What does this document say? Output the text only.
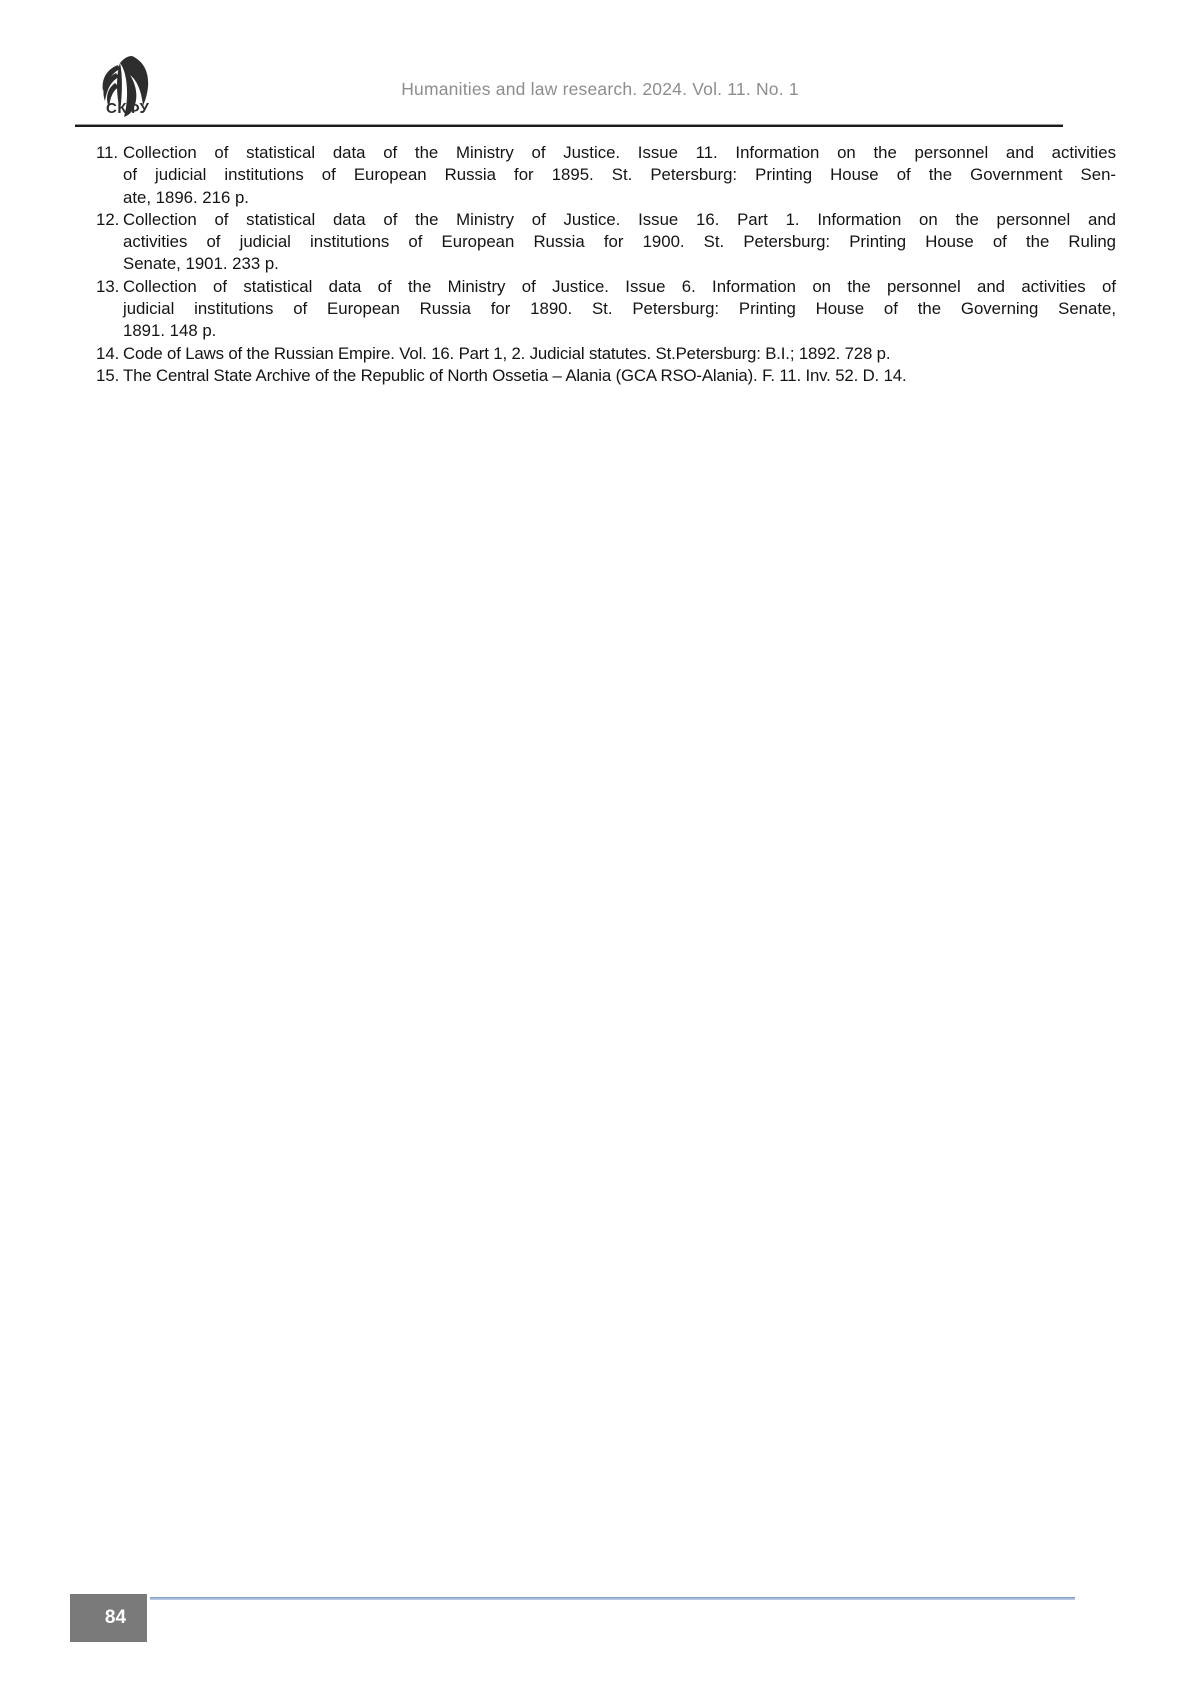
СКФУ
Humanities and law research. 2024. Vol. 11. No. 1
11. Collection of statistical data of the Ministry of Justice. Issue 11. Information on the personnel and activities
of judicial institutions of European Russia for 1895. St. Petersburg: Printing House of the Government Sen-
ate, 1896. 216 p.
12. Collection of statistical data of the Ministry of Justice. Issue 16. Part 1. Information on the personnel and
activities of judicial institutions of European Russia for 1900. St. Petersburg: Printing House of the Ruling
Senate, 1901. 233 p.
13. Collection of statistical data of the Ministry of Justice. Issue 6. Information on the personnel and activities of
judicial institutions of European Russia for 1890. St. Petersburg: Printing House of the Governing Senate,
1891. 148 p.
14. Code of Laws of the Russian Empire. Vol. 16. Part 1, 2. Judicial statutes. St.Petersburg: B.I.; 1892. 728 p.
15. The Central State Archive of the Republic of North Ossetia – Alania (GCA RSO-Alania). F. 11. Inv. 52. D. 14.
84
